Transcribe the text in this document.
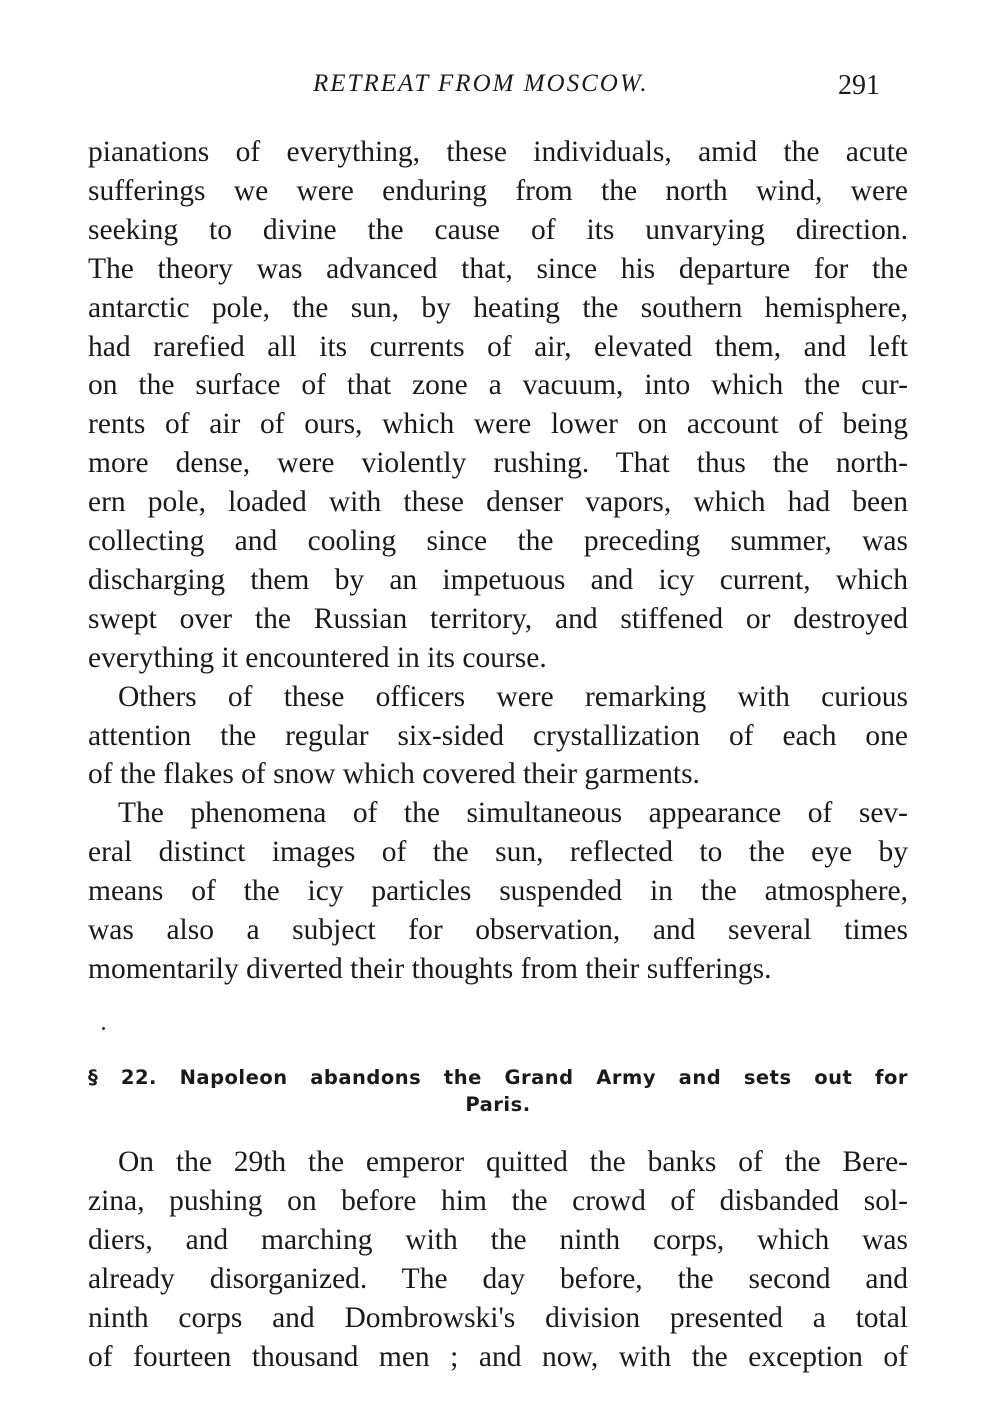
RETREAT FROM MOSCOW.	291
pianations of everything, these individuals, amid the acute
sufferings we were enduring from the north wind, were
seeking to divine the cause of its unvarying direction.
The theory was advanced that, since his departure for the
antarctic pole, the sun, by heating the southern hemisphere,
had rarefied all its currents of air, elevated them, and left
on the surface of that zone a vacuum, into which the cur-
rents of air of ours, which were lower on account of being
more dense, were violently rushing. That thus the north-
ern pole, loaded with these denser vapors, which had been
collecting and cooling since the preceding summer, was
discharging them by an impetuous and icy current, which
swept over the Russian territory, and stiffened or destroyed
everything it encountered in its course.
Others of these officers were remarking with curious
attention the regular six-sided crystallization of each one
of the flakes of snow which covered their garments.
The phenomena of the simultaneous appearance of sev-
eral distinct images of the sun, reflected to the eye by
means of the icy particles suspended in the atmosphere,
was also a subject for observation, and several times
momentarily diverted their thoughts from their sufferings.
On the 29th the emperor quitted the banks of the Bere-
zina, pushing on before him the crowd of disbanded sol-
diers, and marching with the ninth corps, which was
already disorganized. The day before, the second and
ninth corps and Dombrowski's division presented a total
of fourteen thousand men ; and now, with the exception of
§ 22. Napoleon abandons the Grand Army and sets out for
Paris.
